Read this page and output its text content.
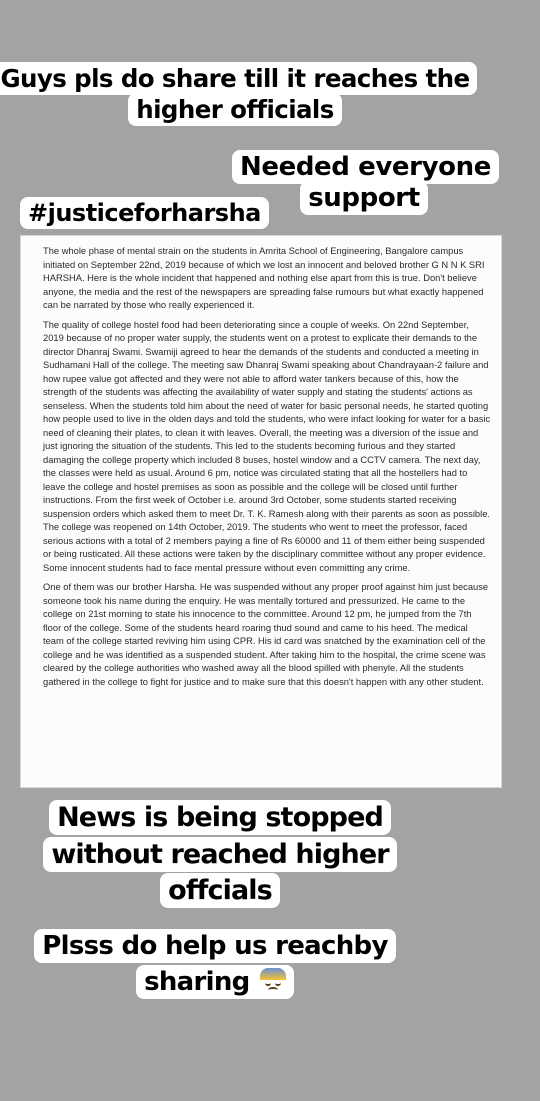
Guys pls do share till it reaches the higher officials
Needed everyone support
#justiceforharsha

The whole phase of mental strain on the students in Amrita School of Engineering, Bangalore campus initiated on September 22nd, 2019 because of which we lost an innocent and beloved brother G N N K SRI HARSHA. Here is the whole incident that happened and nothing else apart from this is true. Don't believe anyone, the media and the rest of the newspapers are spreading false rumours but what exactly happened can be narrated by those who really experienced it.

The quality of college hostel food had been deteriorating since a couple of weeks. On 22nd September, 2019 because of no proper water supply, the students went on a protest to explicate their demands to the director Dhanraj Swami. Swamiji agreed to hear the demands of the students and conducted a meeting in Sudhamani Hall of the college. The meeting saw Dhanraj Swami speaking about Chandrayaan-2 failure and how rupee value got affected and they were not able to afford water tankers because of this, how the strength of the students was affecting the availability of water supply and stating the students' actions as senseless. When the students told him about the need of water for basic personal needs, he started quoting how people used to live in the olden days and told the students, who were infact looking for water for a basic need of cleaning their plates, to clean it with leaves. Overall, the meeting was a diversion of the issue and just ignoring the situation of the students. This led to the students becoming furious and they started damaging the college property which included 8 buses, hostel window and a CCTV camera. The next day, the classes were held as usual. Around 6 pm, notice was circulated stating that all the hostellers had to leave the college and hostel premises as soon as possible and the college will be closed until further instructions. From the first week of October i.e. around 3rd October, some students started receiving suspension orders which asked them to meet Dr. T. K. Ramesh along with their parents as soon as possible. The college was reopened on 14th October, 2019. The students who went to meet the professor, faced serious actions with a total of 2 members paying a fine of Rs 60000 and 11 of them either being suspended or being rusticated. All these actions were taken by the disciplinary committee without any proper evidence. Some innocent students had to face mental pressure without even committing any crime.

One of them was our brother Harsha. He was suspended without any proper proof against him just because someone took his name during the enquiry. He was mentally tortured and pressurized. He came to the college on 21st morning to state his innocence to the committee. Around 12 pm, he jumped from the 7th floor of the college. Some of the students heard roaring thud sound and came to his heed. The medical team of the college started reviving him using CPR. His id card was snatched by the examination cell of the college and he was identified as a suspended student. After taking him to the hospital, the crime scene was cleared by the college authorities who washed away all the blood spilled with phenyle. All the students gathered in the college to fight for justice and to make sure that this doesn't happen with any other student.

News is being stopped without reached higher offcials
Plsss do help us reachby sharing
